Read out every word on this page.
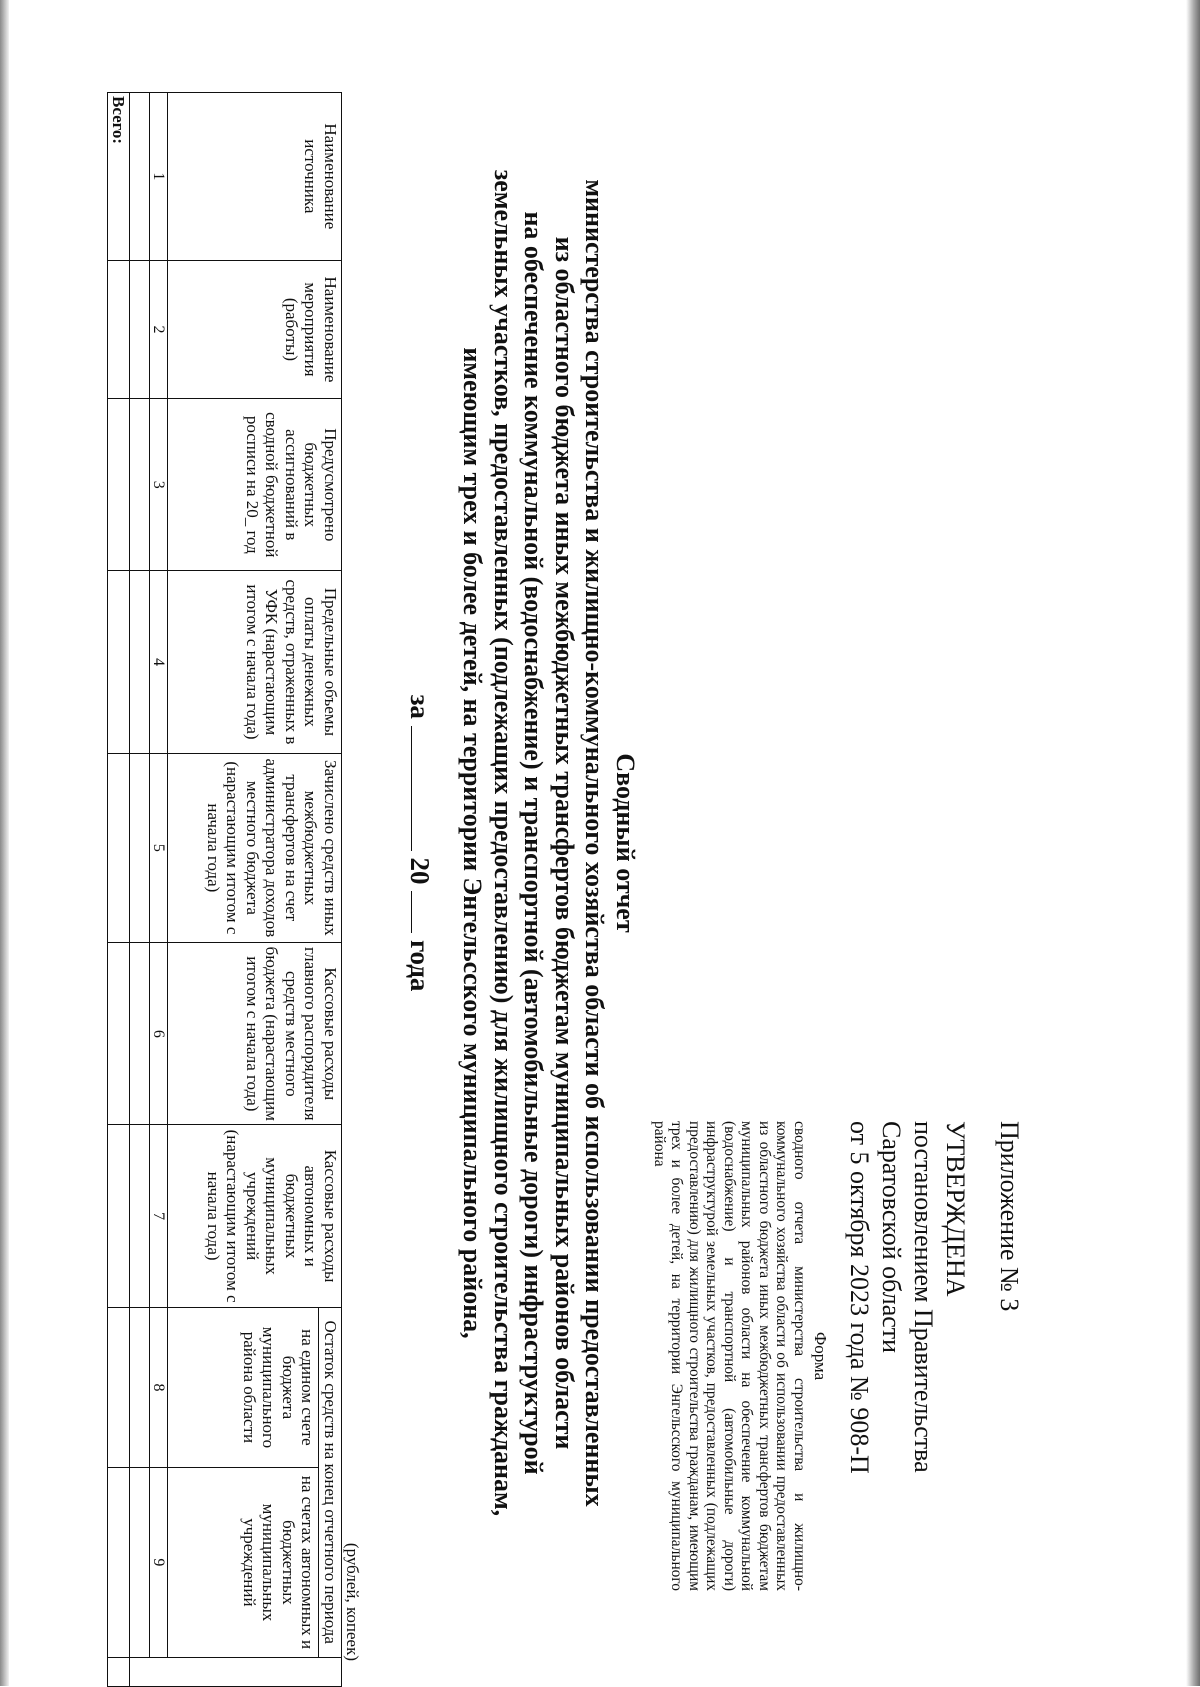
Приложение № 3
УТВЕРЖДЕНА
постановлением Правительства
Саратовской области
от 5 октября 2023 года № 908-П
Форма
сводного отчета министерства строительства и жилищно-коммунального хозяйства области об использовании предоставленных из областного бюджета иных межбюджетных трансфертов бюджетам муниципальных районов области на обеспечение коммунальной (водоснабжение) и транспортной (автомобильные дороги) инфраструктурой земельных участков, предоставленных (подлежащих предоставлению) для жилищного строительства гражданам, имеющим трех и более детей, на территории Энгельсского муниципального района
Сводный отчет
министерства строительства и жилищно-коммунального хозяйства области об использовании предоставленных
из областного бюджета иных межбюджетных трансфертов бюджетам муниципальных районов области
на обеспечение коммунальной (водоснабжение) и транспортной (автомобильные дороги) инфраструктурой
земельных участков, предоставленных (подлежащих предоставлению) для жилищного строительства гражданам,
имеющим трех и более детей, на территории Энгельсского муниципального района,
за  20  года
(рублей, копеек)
Наименование источника	Наименование мероприятия (работы)	Предусмотрено бюджетных ассигнований в сводной бюджетной росписи на 20_ год	Предельные объемы оплаты денежных средств, отраженных в УФК (нарастающим итогом с начала года)	Зачислено средств иных межбюджетных трансфертов на счет администратора доходов местного бюджета (нарастающим итогом с начала года)	Кассовые расходы главного распорядителя средств местного бюджета (нарастающим итогом с начала года)	Кассовые расходы автономных и бюджетных муниципальных учреждений (нарастающим итогом с начала года)	Остаток средств на конец отчетного периода		
							на едином счете бюджета муниципального района области	на счетах автономных и бюджетных муниципальных учреждений	
1	2	3	4	5	6	7	8	9	

Всего:									
